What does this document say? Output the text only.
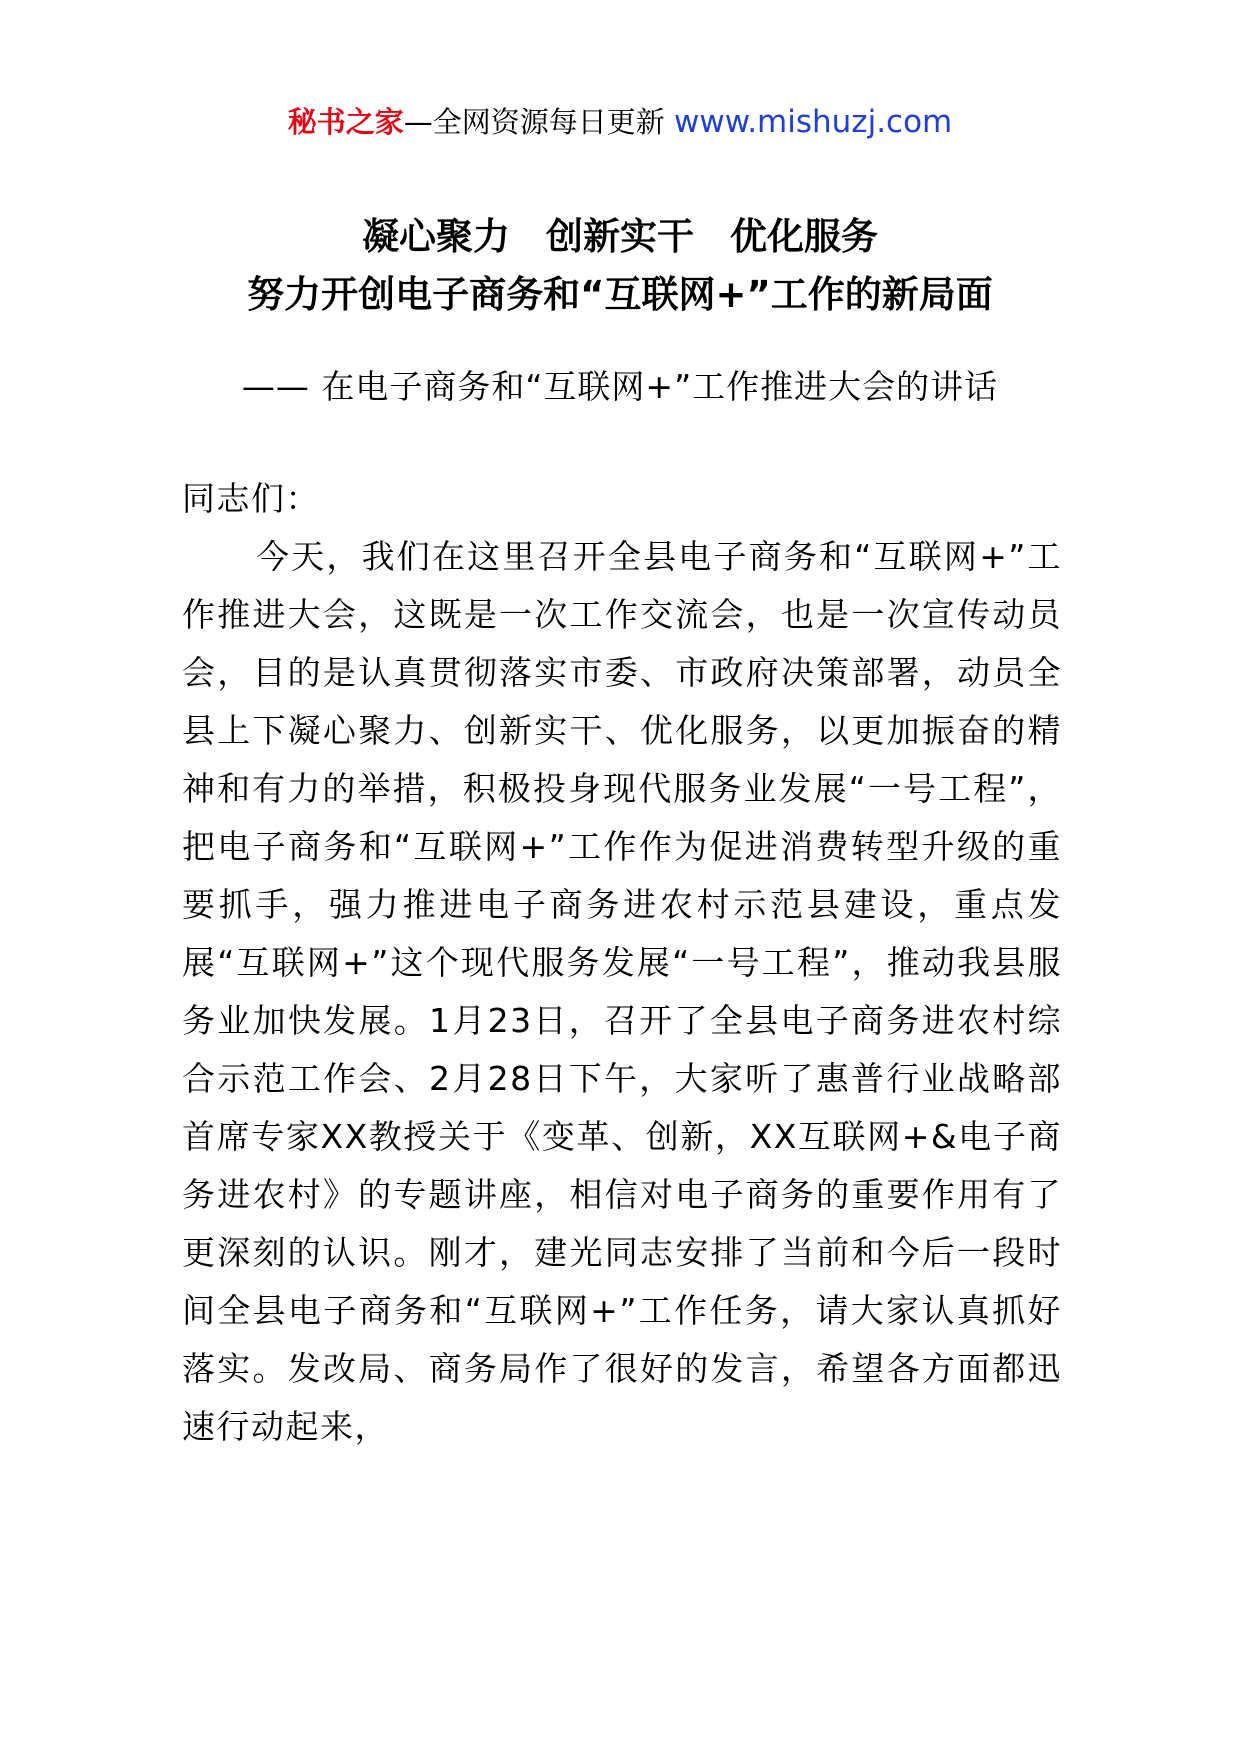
秘书之家—全网资源每日更新 www.mishuzj.com
凝心聚力 创新实干 优化服务
努力开创电子商务和“互联网+”工作的新局面
—— 在电子商务和“互联网+”工作推进大会的讲话
同志们：
今天，我们在这里召开全县电子商务和“互联网+”工作推进大会，这既是一次工作交流会，也是一次宣传动员会，目的是认真贯彻落实市委、市政府决策部署，动员全县上下凝心聚力、创新实干、优化服务，以更加振奋的精神和有力的举措，积极投身现代服务业发展“一号工程”，把电子商务和“互联网+”工作作为促进消费转型升级的重要抓手，强力推进电子商务进农村示范县建设，重点发展“互联网+”这个现代服务发展“一号工程”，推动我县服务业加快发展。1月23日，召开了全县电子商务进农村综合示范工作会、2月28日下午，大家听了惠普行业战略部首席专家XX教授关于《变革、创新，XX互联网+&电子商务进农村》的专题讲座，相信对电子商务的重要作用有了更深刻的认识。刚才，建光同志安排了当前和今后一段时间全县电子商务和“互联网+”工作任务，请大家认真抓好落实。发改局、商务局作了很好的发言，希望各方面都迅速行动起来，
